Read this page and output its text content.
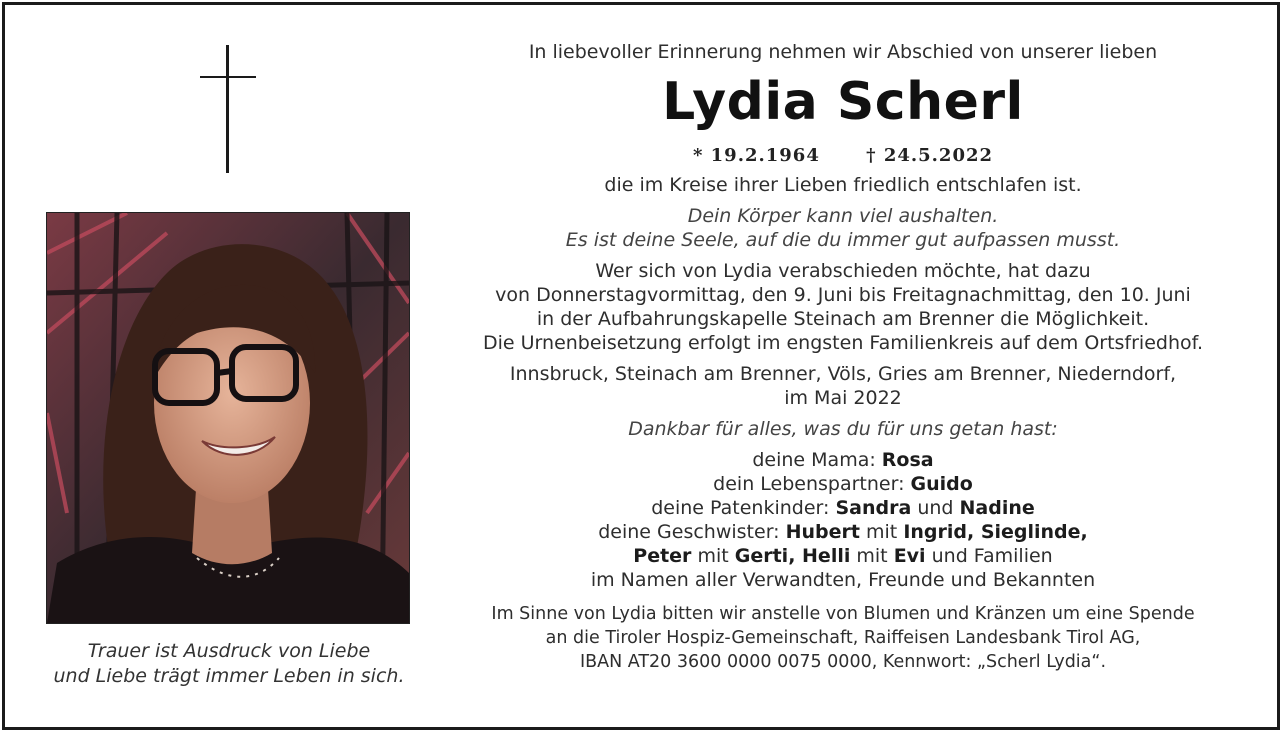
Trauer ist Ausdruck von Liebe
und Liebe trägt immer Leben in sich.
In liebevoller Erinnerung nehmen wir Abschied von unserer lieben
Lydia Scherl
* 19.2.1964	† 24.5.2022
die im Kreise ihrer Lieben friedlich entschlafen ist.
Dein Körper kann viel aushalten.
Es ist deine Seele, auf die du immer gut aufpassen musst.
Wer sich von Lydia verabschieden möchte, hat dazu
von Donnerstagvormittag, den 9. Juni bis Freitagnachmittag, den 10. Juni
in der Aufbahrungskapelle Steinach am Brenner die Möglichkeit.
Die Urnenbeisetzung erfolgt im engsten Familienkreis auf dem Ortsfriedhof.
Innsbruck, Steinach am Brenner, Völs, Gries am Brenner, Niederndorf,
im Mai 2022
Dankbar für alles, was du für uns getan hast:
deine Mama: Rosa
dein Lebenspartner: Guido
deine Patenkinder: Sandra und Nadine
deine Geschwister: Hubert mit Ingrid, Sieglinde,
Peter mit Gerti, Helli mit Evi und Familien
im Namen aller Verwandten, Freunde und Bekannten
Im Sinne von Lydia bitten wir anstelle von Blumen und Kränzen um eine Spende
an die Tiroler Hospiz-Gemeinschaft, Raiffeisen Landesbank Tirol AG,
IBAN AT20 3600 0000 0075 0000, Kennwort: „Scherl Lydia“.
